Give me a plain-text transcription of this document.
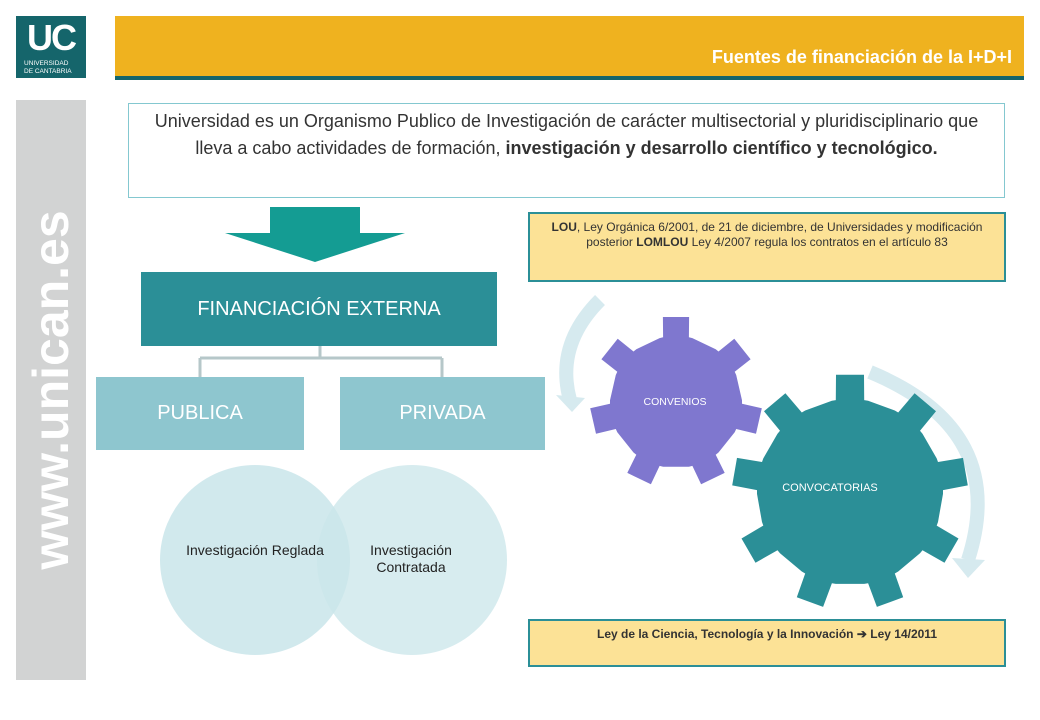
UC
UNIVERSIDAD
DE CANTABRIA
Fuentes de financiación de la I+D+I
www.unican.es
Universidad es un Organismo Publico de Investigación de carácter multisectorial y pluridisciplinario que lleva a cabo actividades de formación, investigación y desarrollo científico y tecnológico.
FINANCIACIÓN EXTERNA
PUBLICA	PRIVADA
Investigación Reglada	Investigación Contratada
CONVENIOS
CONVOCATORIAS
LOU, Ley Orgánica 6/2001, de 21 de diciembre, de Universidades y modificación posterior LOMLOU Ley 4/2007 regula los contratos en el artículo 83
Ley de la Ciencia, Tecnología y la Innovación ➔ Ley 14/2011
